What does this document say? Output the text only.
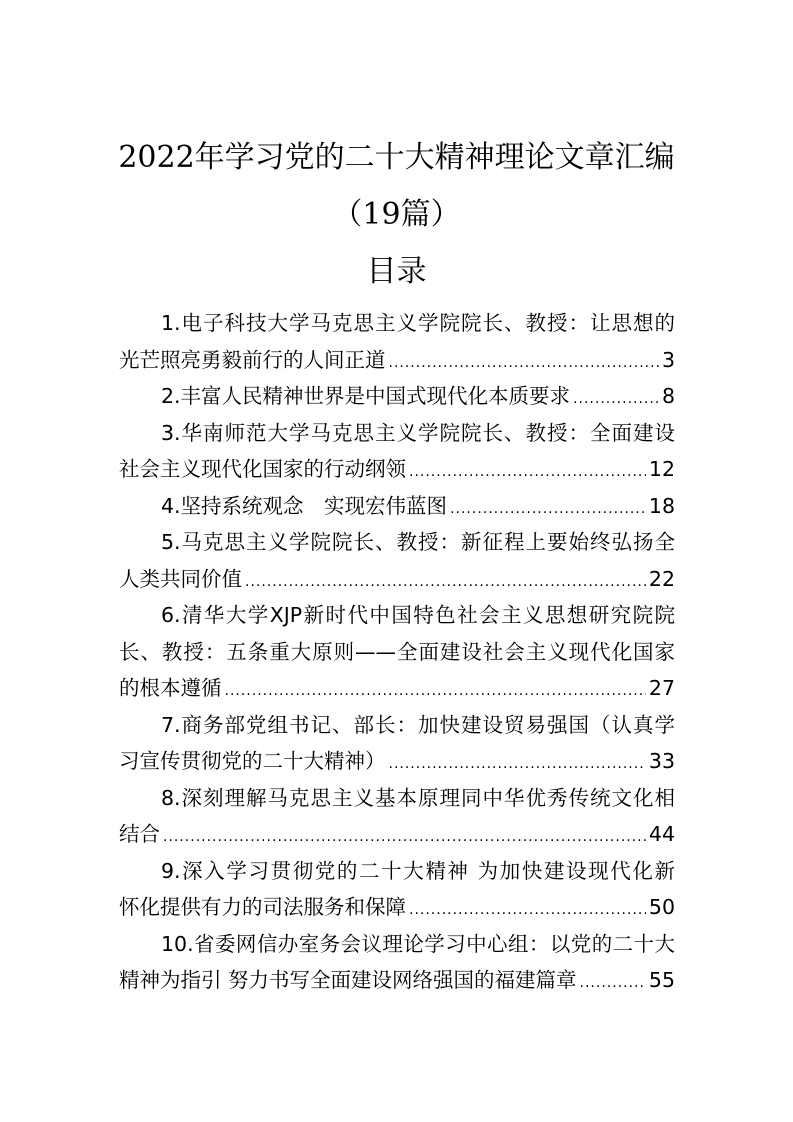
2022年学习党的二十大精神理论文章汇编
（19篇）
目录
1.电子科技大学马克思主义学院院长、教授：让思想的
光芒照亮勇毅前行的人间正道 .....	3
2.丰富人民精神世界是中国式现代化本质要求 .....	8
3.华南师范大学马克思主义学院院长、教授：全面建设
社会主义现代化国家的行动纲领 .....	12
4.坚持系统观念　实现宏伟蓝图 .....	18
5.马克思主义学院院长、教授：新征程上要始终弘扬全
人类共同价值 .....	22
6.清华大学XJP新时代中国特色社会主义思想研究院院
长、教授：五条重大原则——全面建设社会主义现代化国家
的根本遵循 .....	27
7.商务部党组书记、部长：加快建设贸易强国（认真学
习宣传贯彻党的二十大精神） .....	33
8.深刻理解马克思主义基本原理同中华优秀传统文化相
结合 .....	44
9.深入学习贯彻党的二十大精神 为加快建设现代化新
怀化提供有力的司法服务和保障 .....	50
10.省委网信办室务会议理论学习中心组：以党的二十大
精神为指引 努力书写全面建设网络强国的福建篇章 .....	55
